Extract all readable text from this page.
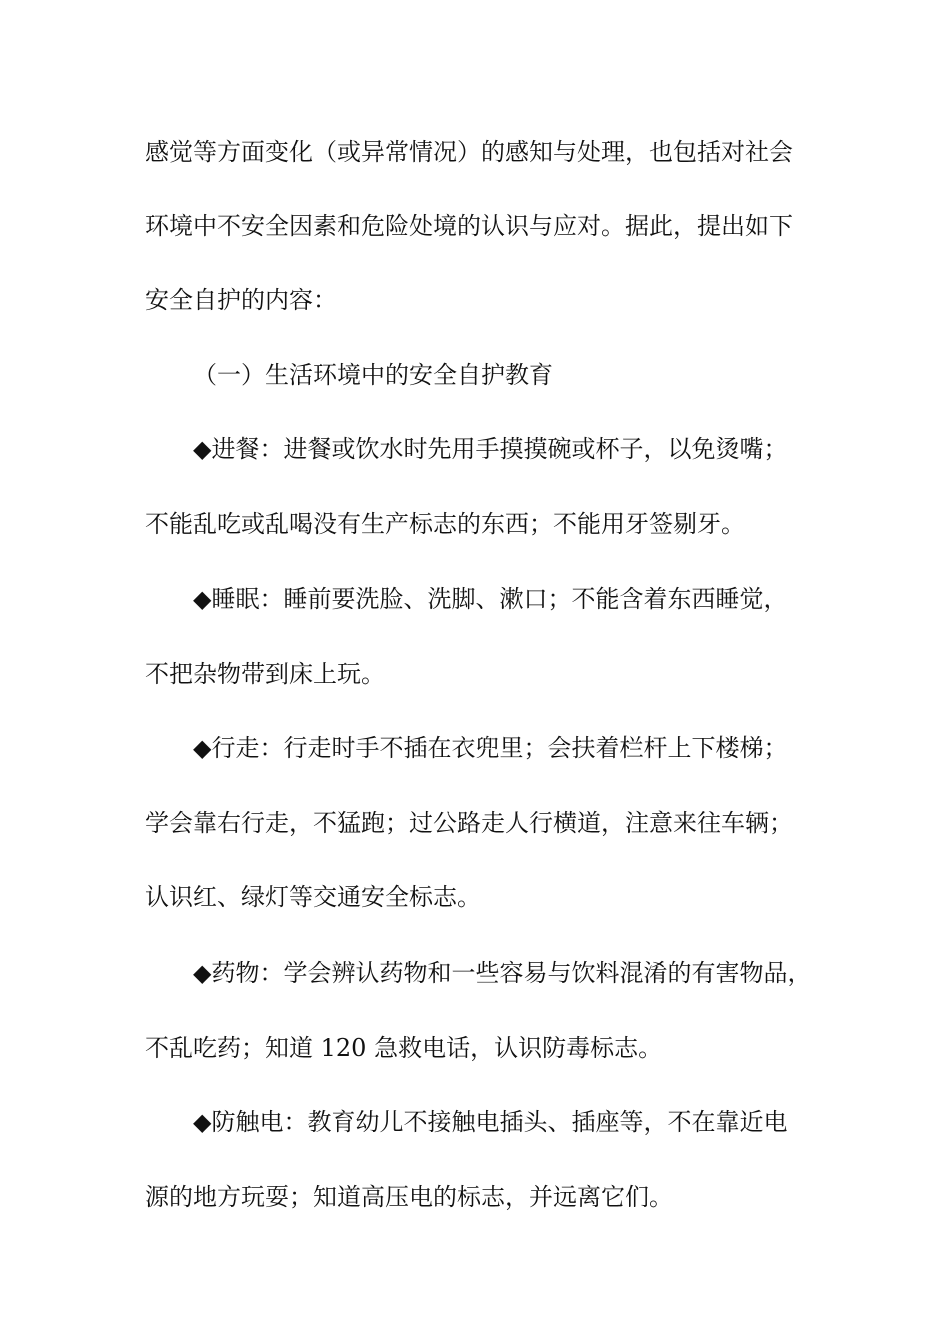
感觉等方面变化（或异常情况）的感知与处理，也包括对社会
环境中不安全因素和危险处境的认识与应对。据此，提出如下
安全自护的内容：
（一）生活环境中的安全自护教育
◆进餐：进餐或饮水时先用手摸摸碗或杯子，以免烫嘴；
不能乱吃或乱喝没有生产标志的东西；不能用牙签剔牙。
◆睡眠：睡前要洗脸、洗脚、漱口；不能含着东西睡觉，
不把杂物带到床上玩。
◆行走：行走时手不插在衣兜里；会扶着栏杆上下楼梯；
学会靠右行走，不猛跑；过公路走人行横道，注意来往车辆；
认识红、绿灯等交通安全标志。
◆药物：学会辨认药物和一些容易与饮料混淆的有害物品，
不乱吃药；知道 120 急救电话，认识防毒标志。
◆防触电：教育幼儿不接触电插头、插座等，不在靠近电
源的地方玩耍；知道高压电的标志，并远离它们。
